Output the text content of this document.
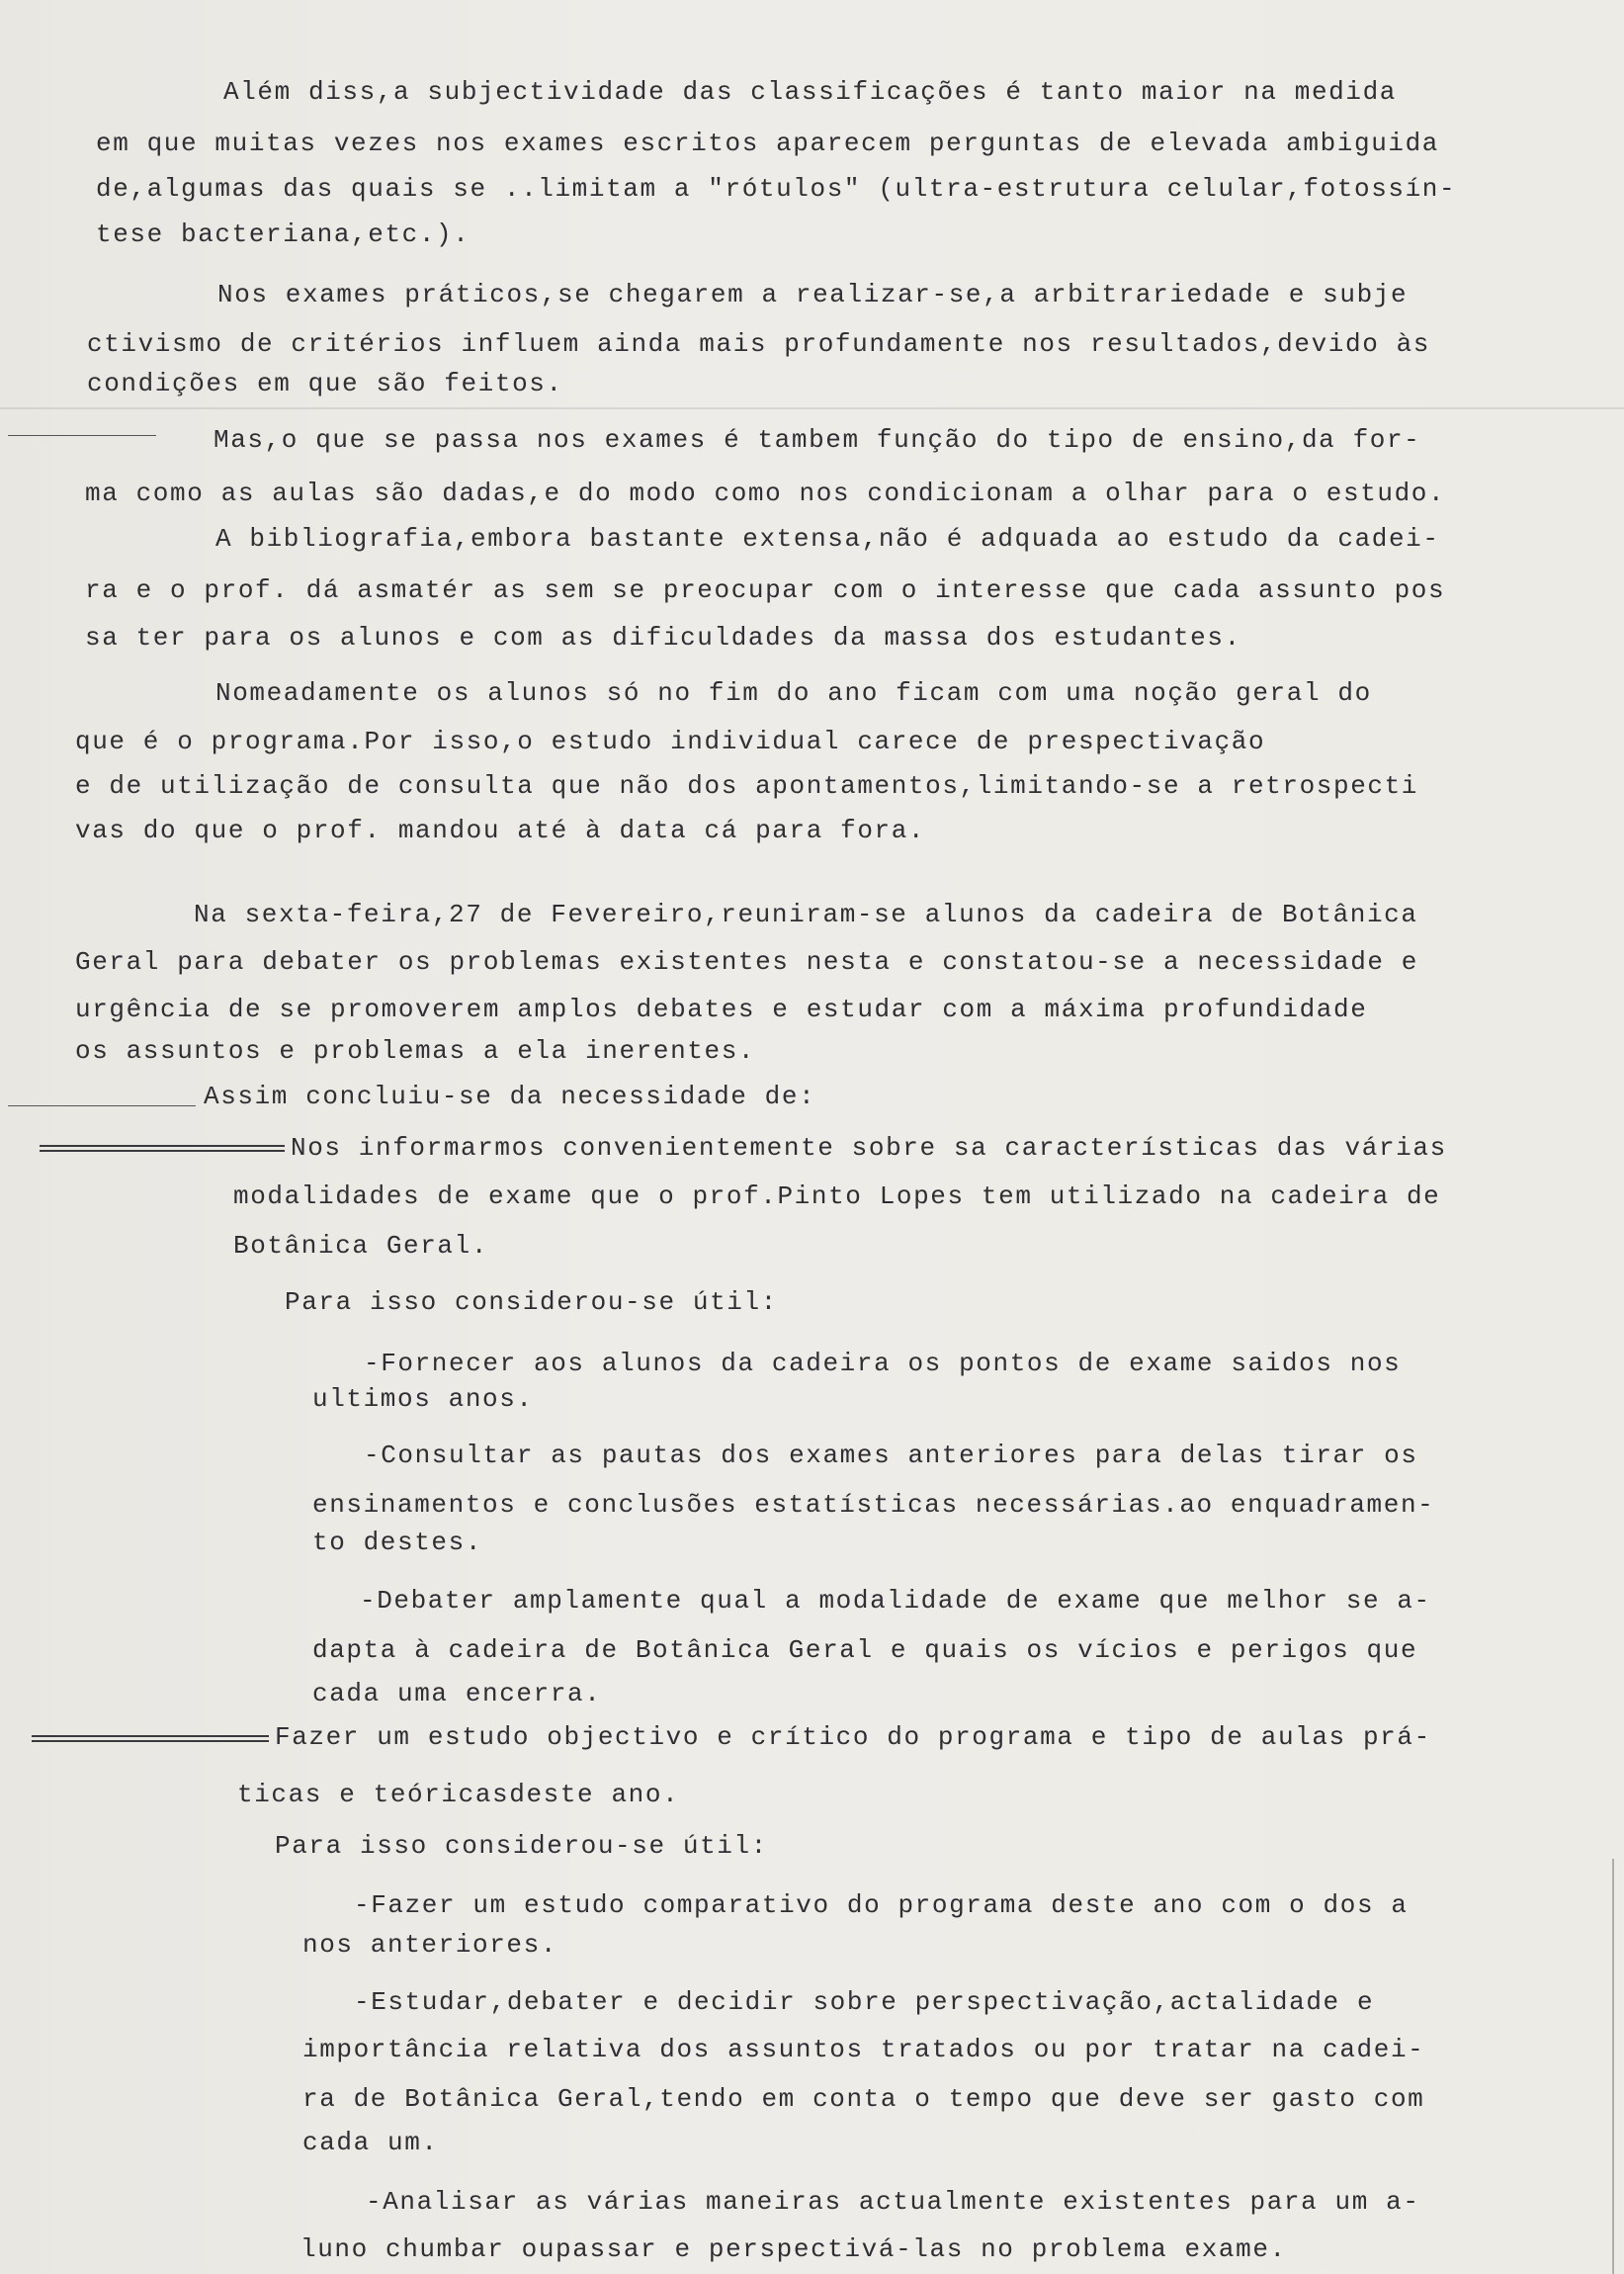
Além diss,a subjectividade das classificações é tanto maior na medida
em que muitas vezes nos exames escritos aparecem perguntas de elevada ambiguida
de,algumas das quais se ..limitam a "rótulos" (ultra-estrutura celular,fotossín-
tese bacteriana,etc.).
Nos exames práticos,se chegarem a realizar-se,a arbitrariedade e subje
ctivismo de critérios influem ainda mais profundamente nos resultados,devido às
condições em que são feitos.
Mas,o que se passa nos exames é tambem função do tipo de ensino,da for-
ma como as aulas são dadas,e do modo como nos condicionam a olhar para o estudo.
A bibliografia,embora bastante extensa,não é adquada ao estudo da cadei-
ra e o prof. dá asmatér as sem se preocupar com o interesse que cada assunto pos
sa ter para os alunos e com as dificuldades da massa dos estudantes.
Nomeadamente os alunos só no fim do ano ficam com uma noção geral do
que é o programa.Por isso,o estudo individual carece de prespectivação
e de utilização de consulta que não dos apontamentos,limitando-se a retrospecti
vas do que o prof. mandou até à data cá para fora.
Na sexta-feira,27 de Fevereiro,reuniram-se alunos da cadeira de Botânica
Geral para debater os problemas existentes nesta e constatou-se a necessidade e
urgência de se promoverem amplos debates e estudar com a máxima profundidade
os assuntos e problemas a ela inerentes.
Assim concluiu-se da necessidade de:
Nos informarmos convenientemente sobre sa características das várias
modalidades de exame que o prof.Pinto Lopes tem utilizado na cadeira de
Botânica Geral.
Para isso considerou-se útil:
-Fornecer aos alunos da cadeira os pontos de exame saidos nos
ultimos anos.
-Consultar as pautas dos exames anteriores para delas tirar os
ensinamentos e conclusões estatísticas necessárias.ao enquadramen-
to destes.
-Debater amplamente qual a modalidade de exame que melhor se a-
dapta à cadeira de Botânica Geral e quais os vícios e perigos que
cada uma encerra.
Fazer um estudo objectivo e crítico do programa e tipo de aulas prá-
ticas e teóricasdeste ano.
Para isso considerou-se útil:
-Fazer um estudo comparativo do programa deste ano com o dos a
nos anteriores.
-Estudar,debater e decidir sobre perspectivação,actalidade e
importância relativa dos assuntos tratados ou por tratar na cadei-
ra de Botânica Geral,tendo em conta o tempo que deve ser gasto com
cada um.
-Analisar as várias maneiras actualmente existentes para um a-
luno chumbar oupassar e perspectivá-las no problema exame.
